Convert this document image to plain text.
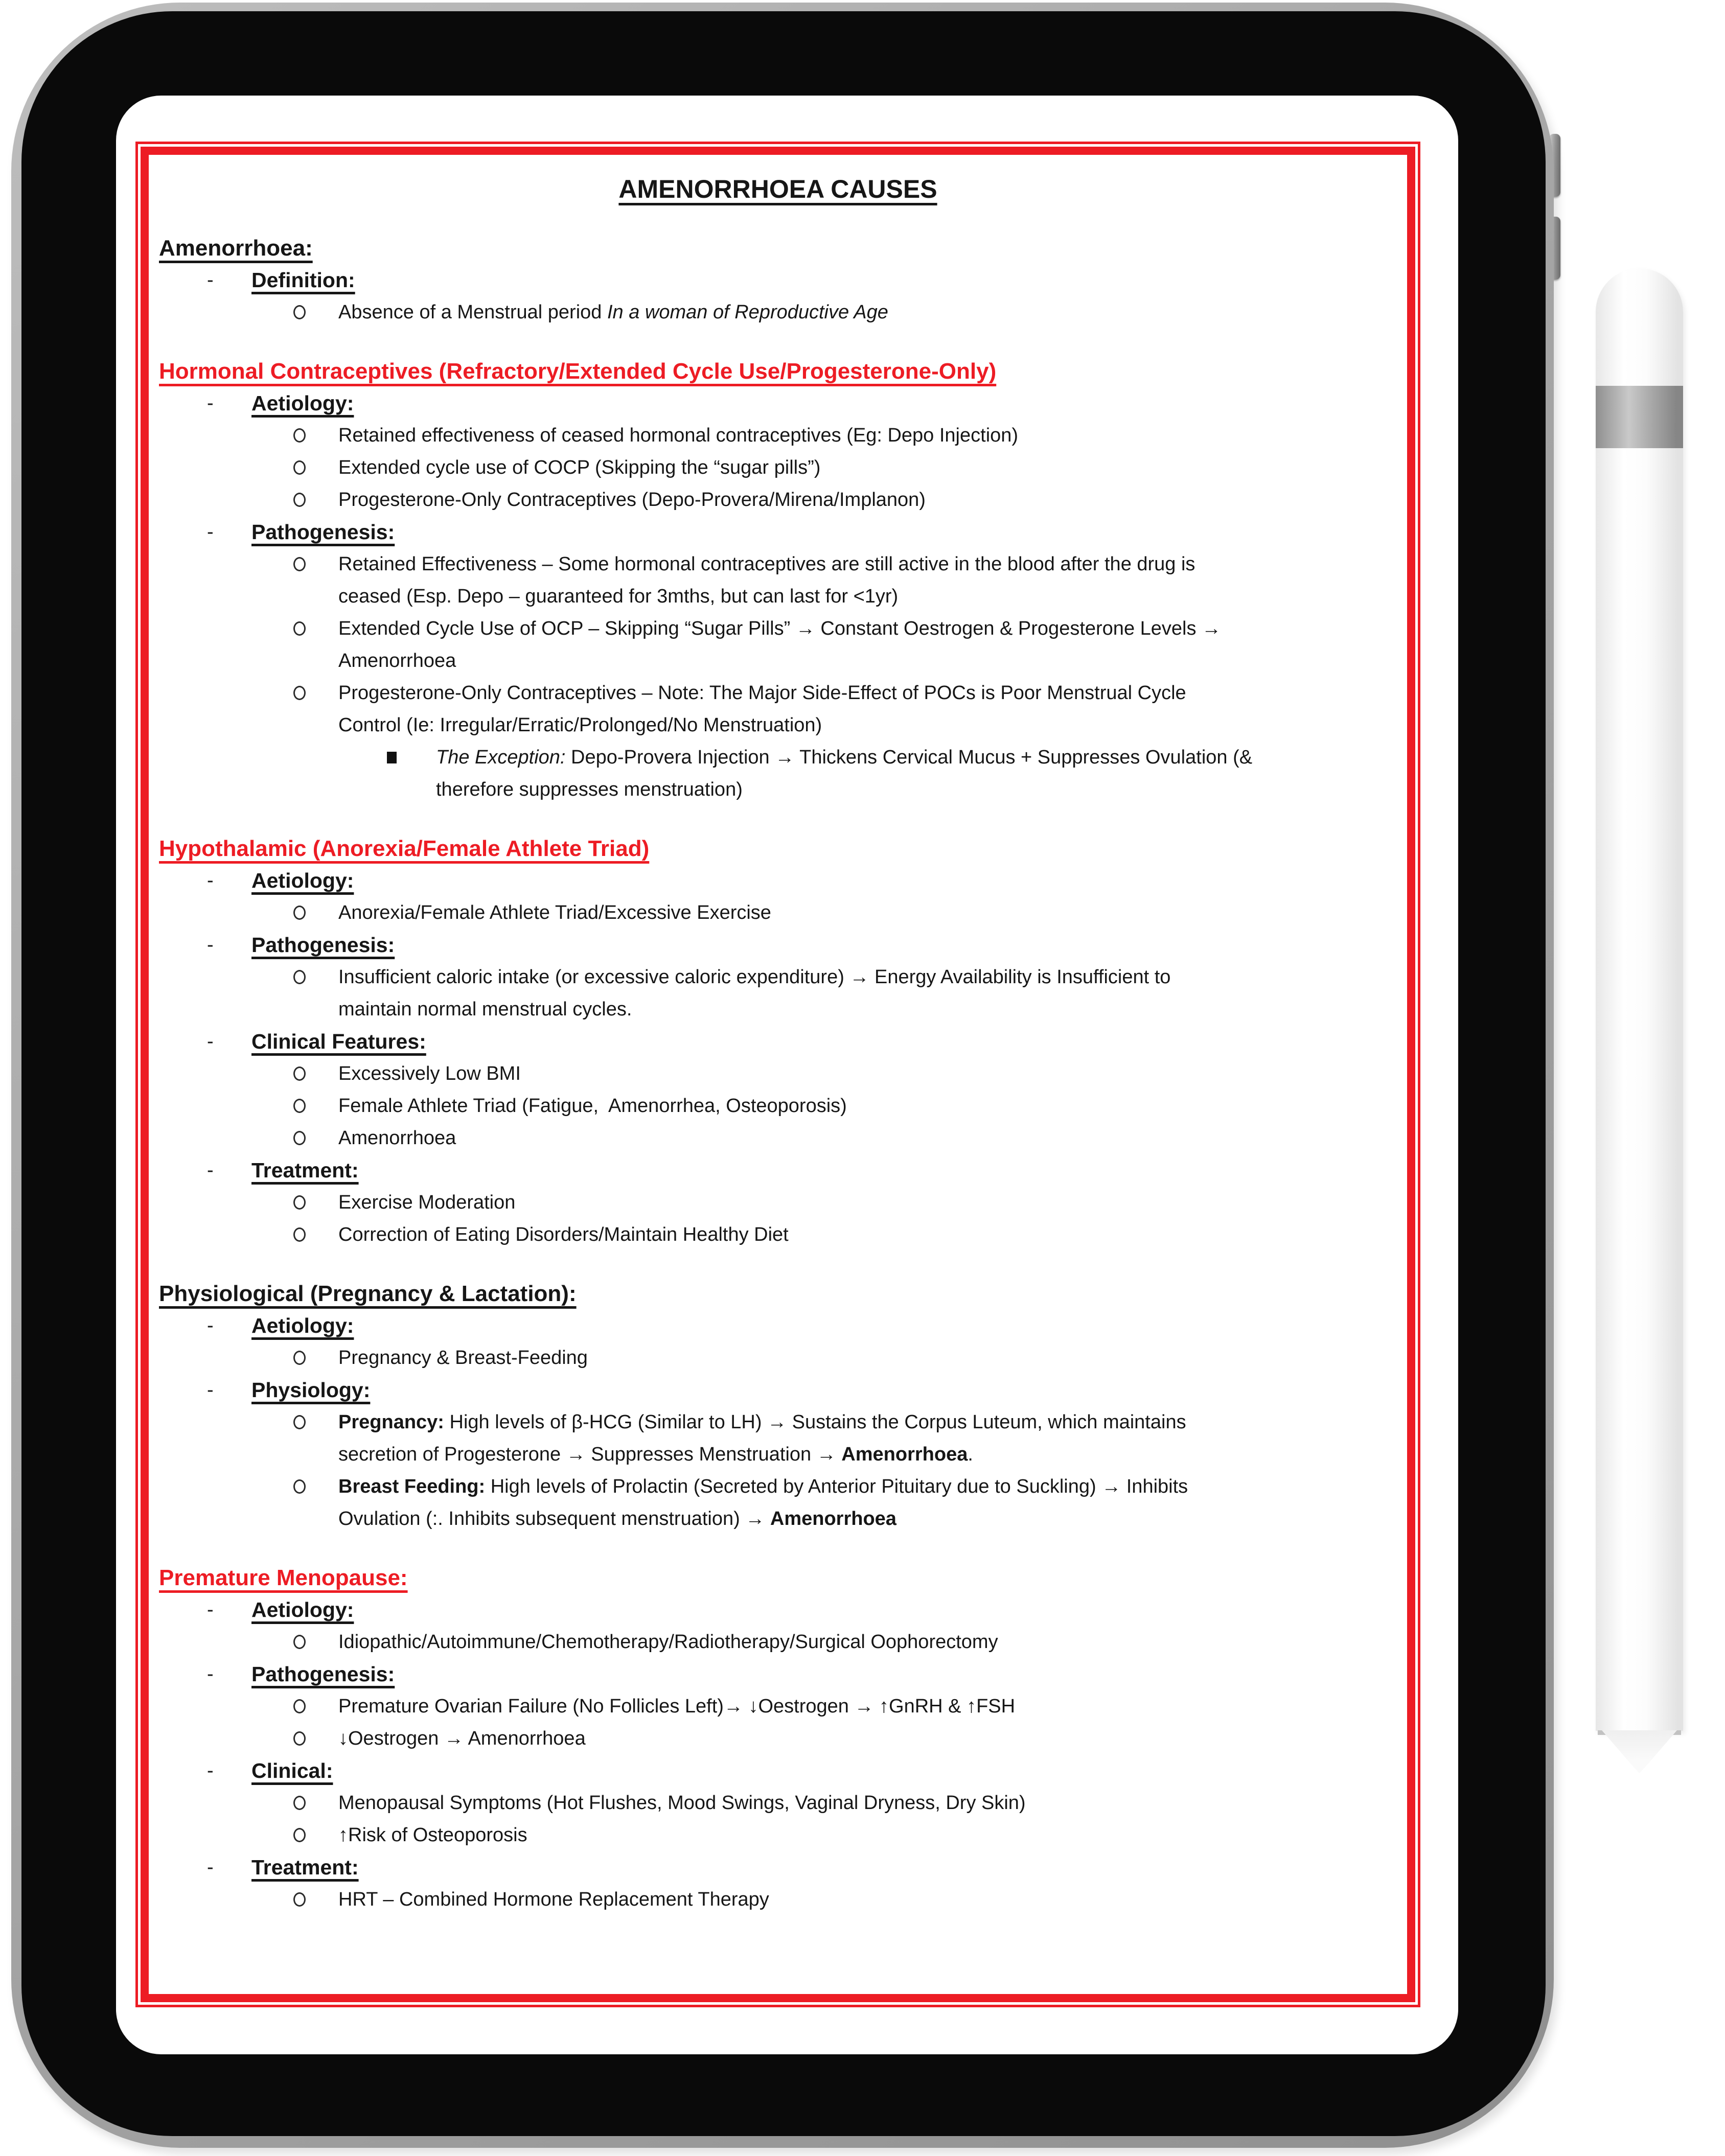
AMENORRHOEA CAUSES
Amenorrhoea:
-	Definition:
Absence of a Menstrual period In a woman of Reproductive Age
Hormonal Contraceptives (Refractory/Extended Cycle Use/Progesterone-Only)
-	Aetiology:
Retained effectiveness of ceased hormonal contraceptives (Eg: Depo Injection)
Extended cycle use of COCP (Skipping the “sugar pills”)
Progesterone-Only Contraceptives (Depo-Provera/Mirena/Implanon)
-	Pathogenesis:
Retained Effectiveness – Some hormonal contraceptives are still active in the blood after the drug is
ceased (Esp. Depo – guaranteed for 3mths, but can last for <1yr)
Extended Cycle Use of OCP – Skipping “Sugar Pills” → Constant Oestrogen & Progesterone Levels →
Amenorrhoea
Progesterone-Only Contraceptives – Note: The Major Side-Effect of POCs is Poor Menstrual Cycle
Control (Ie: Irregular/Erratic/Prolonged/No Menstruation)
The Exception: Depo-Provera Injection → Thickens Cervical Mucus + Suppresses Ovulation (&
therefore suppresses menstruation)
Hypothalamic (Anorexia/Female Athlete Triad)
-	Aetiology:
Anorexia/Female Athlete Triad/Excessive Exercise
-	Pathogenesis:
Insufficient caloric intake (or excessive caloric expenditure) → Energy Availability is Insufficient to
maintain normal menstrual cycles.
-	Clinical Features:
Excessively Low BMI
Female Athlete Triad (Fatigue,  Amenorrhea, Osteoporosis)
Amenorrhoea
-	Treatment:
Exercise Moderation
Correction of Eating Disorders/Maintain Healthy Diet
Physiological (Pregnancy & Lactation):
-	Aetiology:
Pregnancy & Breast-Feeding
-	Physiology:
Pregnancy: High levels of β-HCG (Similar to LH) → Sustains the Corpus Luteum, which maintains
secretion of Progesterone → Suppresses Menstruation → Amenorrhoea.
Breast Feeding: High levels of Prolactin (Secreted by Anterior Pituitary due to Suckling) → Inhibits
Ovulation (:. Inhibits subsequent menstruation) → Amenorrhoea
Premature Menopause:
-	Aetiology:
Idiopathic/Autoimmune/Chemotherapy/Radiotherapy/Surgical Oophorectomy
-	Pathogenesis:
Premature Ovarian Failure (No Follicles Left)→ ↓Oestrogen → ↑GnRH & ↑FSH
↓Oestrogen → Amenorrhoea
-	Clinical:
Menopausal Symptoms (Hot Flushes, Mood Swings, Vaginal Dryness, Dry Skin)
↑Risk of Osteoporosis
-	Treatment:
HRT – Combined Hormone Replacement Therapy
